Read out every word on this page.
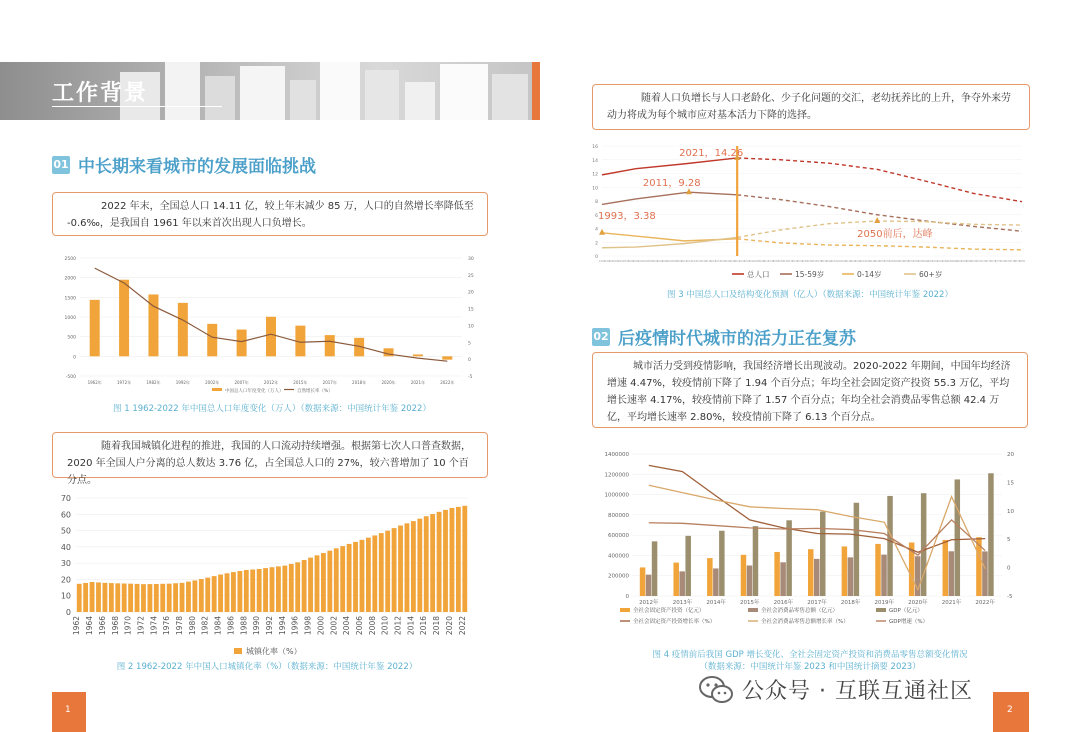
工作背景
01 中长期来看城市的发展面临挑战
2022 年末，全国总人口 14.11 亿，较上年末减少 85 万，人口的自然增长率降低至 -0.6‰，是我国自 1961 年以来首次出现人口负增长。
2500
2000
1500
1000
500
0
-500
30
25
20
15
10
5
0
-5
1962年	1972年	1982年	1992年	2002年	2007年	2012年	2015年	2017年	2018年	2020年	2021年	2022年
中国总人口年度变化（万人）	自然增长率（%）
图 1 1962-2022 年中国总人口年度变化（万人）（数据来源：中国统计年鉴 2022）
随着我国城镇化进程的推进，我国的人口流动持续增强。根据第七次人口普查数据，2020 年全国人户分离的总人数达 3.76 亿，占全国总人口的 27%，较六普增加了 10 个百分点。
70
60
50
40
30
20
10
0
1962 1964 1966 1968 1970 1972 1974 1976 1978 1980 1982 1984 1986 1988 1990 1992 1994 1996 1998 2000 2002 2004 2006 2008 2010 2012 2014 2016 2018 2020 2022
城镇化率（%）
图 2 1962-2022 年中国人口城镇化率（%）（数据来源：中国统计年鉴 2022）
1
随着人口负增长与人口老龄化、少子化问题的交汇，老幼抚养比的上升，争夺外来劳动力将成为每个城市应对基本活力下降的选择。
16
14
12
10
8
6
4
2
0
1993
1994
1995
1996
1997
1998
1999
2000
2001
2002
2003
2004
2005
2006
2007
2008
2009
2010
2011
2012
2013
2014
2015
2016
2017
2018
2019
2020
2021
2022
2023
2024
2025
2026
2027
2028
2029
2030
2031
2032
2033
2034
2035
2036
2037
2038
2039
2040
2041
2042
2043
2044
2045
2046
2047
2048
2049
2050
2051
2052
2053
2054
2055
2056
2057
2058
2059
2060
2061
2062
2063
2064
2065
2066
2067
2068
2069
2070
2071
2072
2073
2074
2075
2076
2077
2078
2079
2080
2021，14.26
2011，9.28
1993，3.38
2050前后，达峰
总人口	15-59岁	0-14岁	60+岁
图 3 中国总人口及结构变化预测（亿人）（数据来源：中国统计年鉴 2022）
02 后疫情时代城市的活力正在复苏
城市活力受到疫情影响，我国经济增长出现波动。2020-2022 年期间，中国年均经济增速 4.47%，较疫情前下降了 1.94 个百分点；年均全社会固定资产投资 55.3 万亿，平均增长速率 4.17%，较疫情前下降了 1.57 个百分点；年均全社会消费品零售总额 42.4 万亿，平均增长速率 2.80%，较疫情前下降了 6.13 个百分点。
1400000
1200000
1000000
800000
600000
400000
200000
0
20
15
10
5
0
-5
2012年	2013年	2014年	2015年	2016年	2017年	2018年	2019年	2020年	2021年	2022年
全社会固定资产投资（亿元）	全社会消费品零售总额（亿元）	GDP（亿元）
全社会固定资产投资增长率（%）	全社会消费品零售总额增长率（%）	GDP增速（%）
图 4 疫情前后我国 GDP 增长变化、全社会固定资产投资和消费品零售总额变化情况
（数据来源：中国统计年鉴 2023 和中国统计摘要 2023）
公众号 · 互联互通社区
2
